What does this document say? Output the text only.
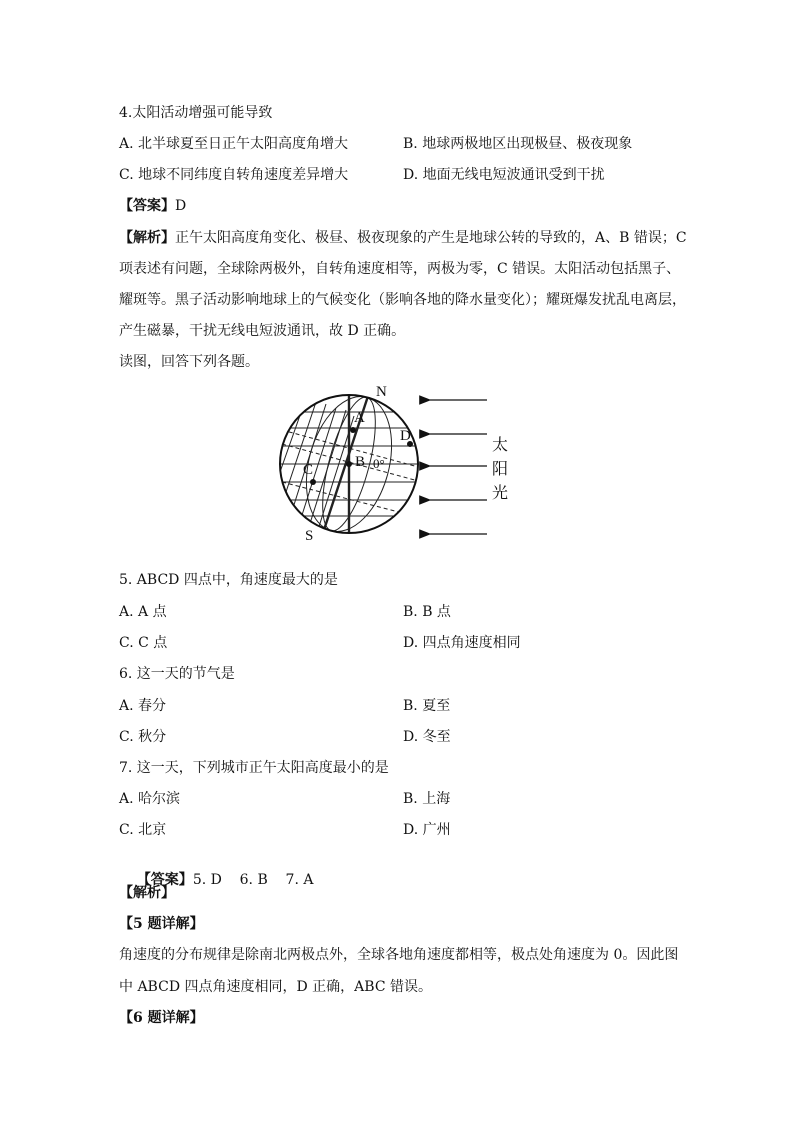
4.太阳活动增强可能导致
A. 北半球夏至日正午太阳高度角增大	B. 地球两极地区出现极昼、极夜现象
C. 地球不同纬度自转角速度差异增大	D. 地面无线电短波通讯受到干扰
【答案】D
【解析】正午太阳高度角变化、极昼、极夜现象的产生是地球公转的导致的，A、B 错误；C
项表述有问题，全球除两极外，自转角速度相等，两极为零，C 错误。太阳活动包括黑子、
耀斑等。黑子活动影响地球上的气候变化（影响各地的降水量变化）；耀斑爆发扰乱电离层，
产生磁暴，干扰无线电短波通讯，故 D 正确。
读图，回答下列各题。
N
S
A
B
C
D
0°
太
阳
光
5. ABCD 四点中，角速度最大的是
A. A 点	B. B 点
C. C 点	D. 四点角速度相同
6. 这一天的节气是
A. 春分	B. 夏至
C. 秋分	D. 冬至
7. 这一天，下列城市正午太阳高度最小的是
A. 哈尔滨	B. 上海
C. 北京	D. 广州

【答案】5. D    6. B    7. A

【解析】
【5 题详解】
角速度的分布规律是除南北两极点外，全球各地角速度都相等，极点处角速度为 0。因此图
中 ABCD 四点角速度相同，D 正确，ABC 错误。
【6 题详解】
